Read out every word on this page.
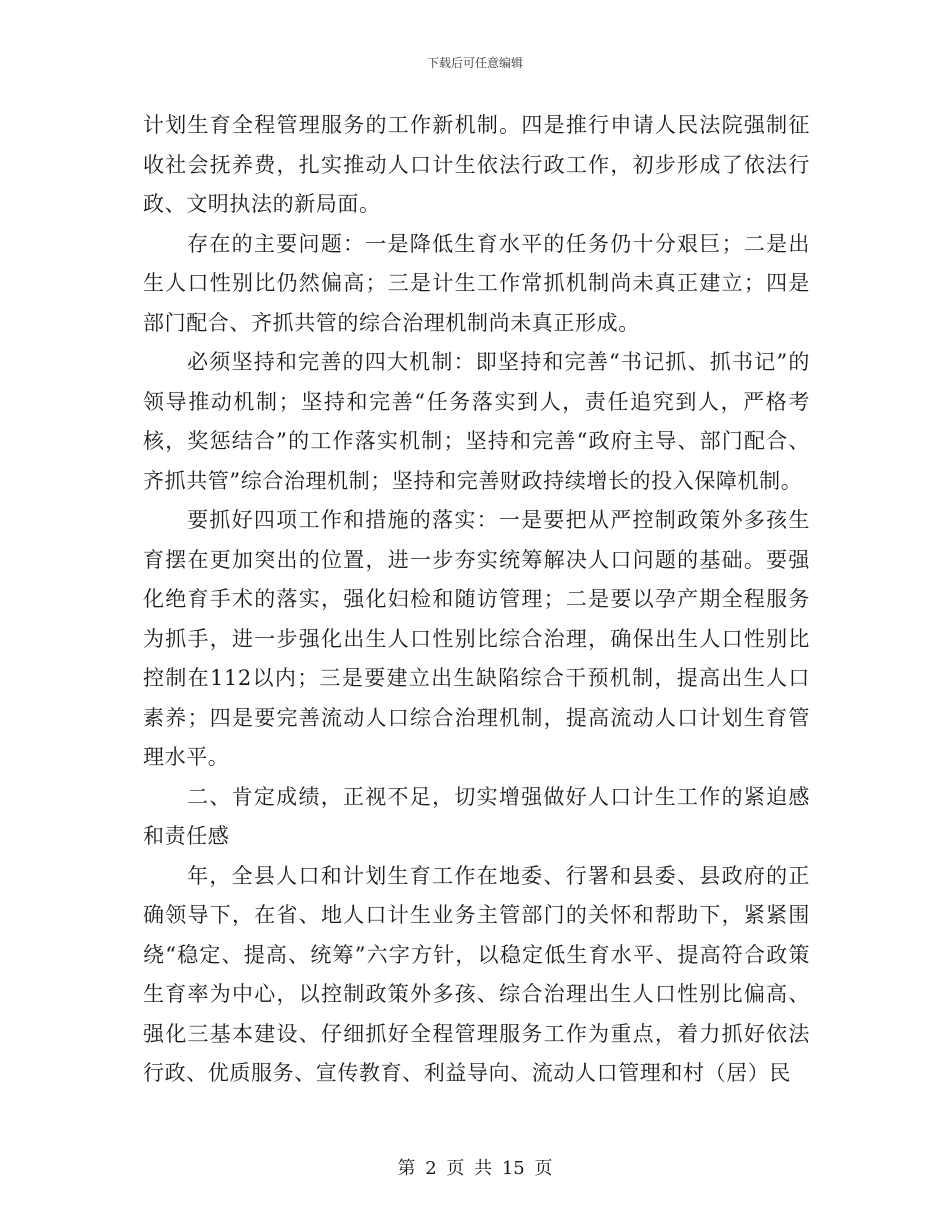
下载后可任意编辑

计划生育全程管理服务的工作新机制。四是推行申请人民法院强制征收社会抚养费，扎实推动人口计生依法行政工作，初步形成了依法行政、文明执法的新局面。

存在的主要问题：一是降低生育水平的任务仍十分艰巨；二是出生人口性别比仍然偏高；三是计生工作常抓机制尚未真正建立；四是部门配合、齐抓共管的综合治理机制尚未真正形成。

必须坚持和完善的四大机制：即坚持和完善“书记抓、抓书记”的领导推动机制；坚持和完善“任务落实到人，责任追究到人，严格考核，奖惩结合”的工作落实机制；坚持和完善“政府主导、部门配合、齐抓共管”综合治理机制；坚持和完善财政持续增长的投入保障机制。

要抓好四项工作和措施的落实：一是要把从严控制政策外多孩生育摆在更加突出的位置，进一步夯实统筹解决人口问题的基础。要强化绝育手术的落实，强化妇检和随访管理；二是要以孕产期全程服务为抓手，进一步强化出生人口性别比综合治理，确保出生人口性别比控制在112以内；三是要建立出生缺陷综合干预机制，提高出生人口素养；四是要完善流动人口综合治理机制，提高流动人口计划生育管理水平。

二、肯定成绩，正视不足，切实增强做好人口计生工作的紧迫感和责任感

年，全县人口和计划生育工作在地委、行署和县委、县政府的正确领导下，在省、地人口计生业务主管部门的关怀和帮助下，紧紧围绕“稳定、提高、统筹”六字方针，以稳定低生育水平、提高符合政策生育率为中心，以控制政策外多孩、综合治理出生人口性别比偏高、强化三基本建设、仔细抓好全程管理服务工作为重点，着力抓好依法行政、优质服务、宣传教育、利益导向、流动人口管理和村（居）民

第 2 页 共 15 页
